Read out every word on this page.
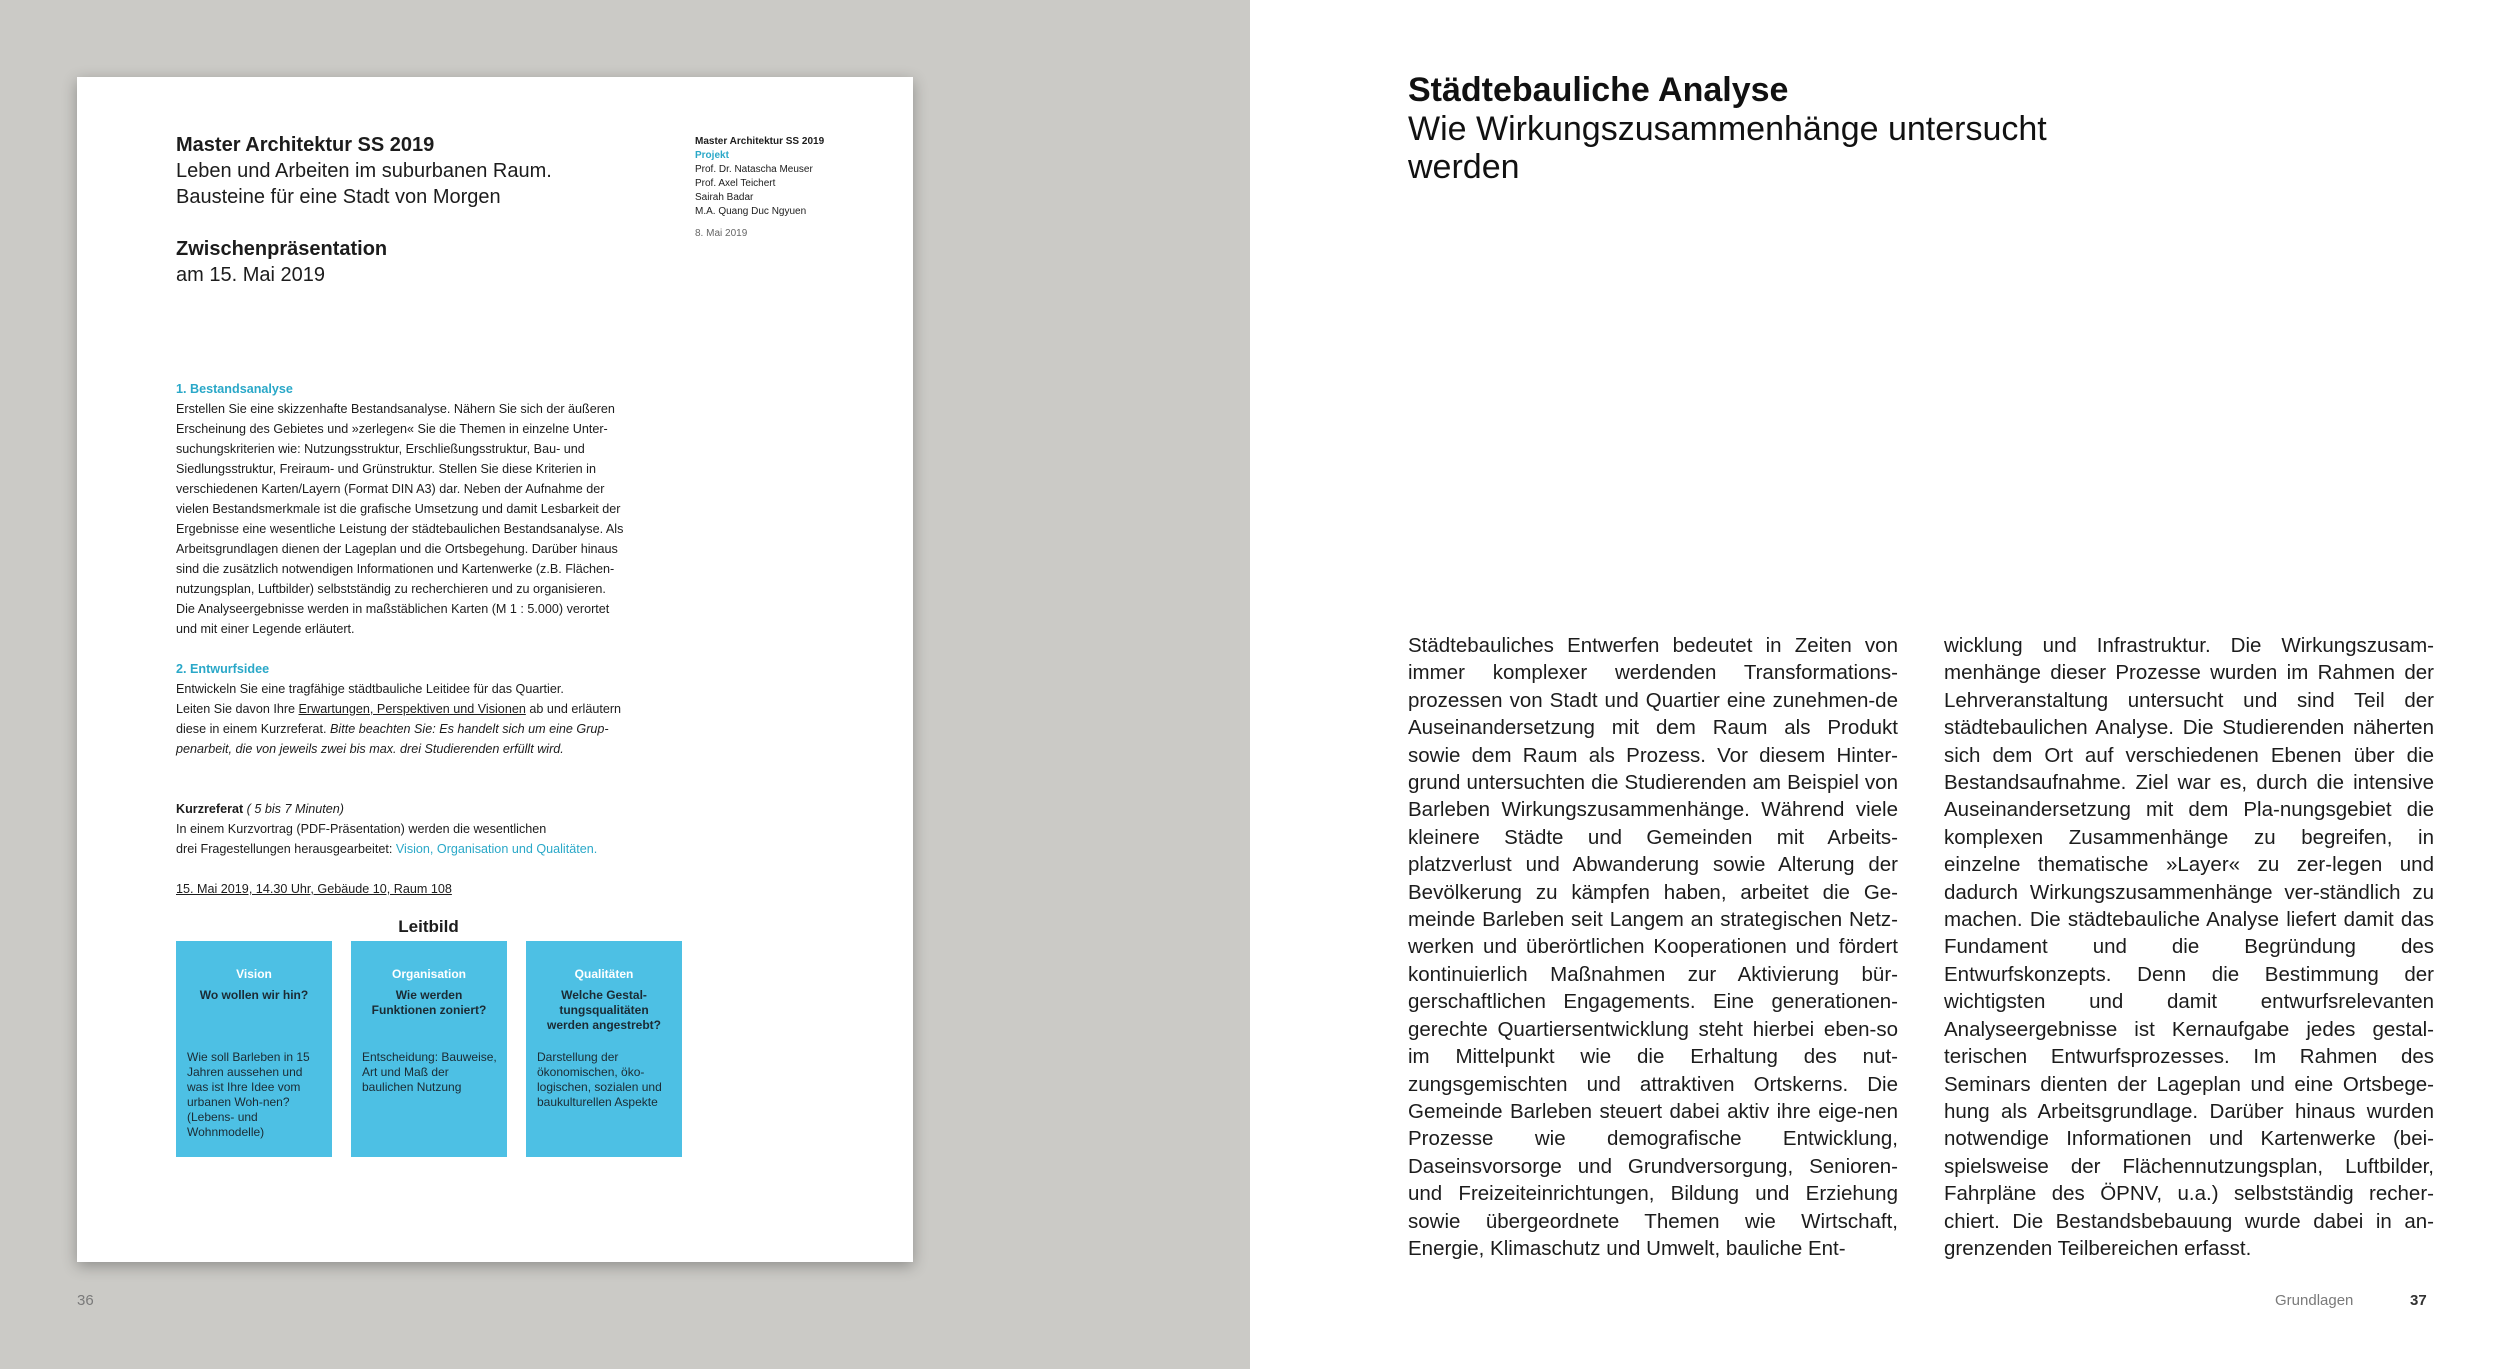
Master Architektur SS 2019
Leben und Arbeiten im suburbanen Raum.
Bausteine für eine Stadt von Morgen
Zwischenpräsentation
am 15. Mai 2019
Master Architektur SS 2019
Projekt
Prof. Dr. Natascha Meuser
Prof. Axel Teichert
Sairah Badar
M.A. Quang Duc Ngyuen
8. Mai 2019
1. Bestandsanalyse
Erstellen Sie eine skizzenhafte Bestandsanalyse. Nähern Sie sich der äußeren
Erscheinung des Gebietes und »zerlegen« Sie die Themen in einzelne Unter-
suchungskriterien wie: Nutzungsstruktur, Erschließungsstruktur, Bau- und
Siedlungsstruktur, Freiraum- und Grünstruktur. Stellen Sie diese Kriterien in
verschiedenen Karten/Layern (Format DIN A3) dar. Neben der Aufnahme der
vielen Bestandsmerkmale ist die grafische Umsetzung und damit Lesbarkeit der
Ergebnisse eine wesentliche Leistung der städtebaulichen Bestandsanalyse. Als
Arbeitsgrundlagen dienen der Lageplan und die Ortsbegehung. Darüber hinaus
sind die zusätzlich notwendigen Informationen und Kartenwerke (z.B. Flächen-
nutzungsplan, Luftbilder) selbstständig zu recherchieren und zu organisieren.
Die Analyseergebnisse werden in maßstäblichen Karten (M 1 : 5.000) verortet
und mit einer Legende erläutert.
2. Entwurfsidee
Entwickeln Sie eine tragfähige städtbauliche Leitidee für das Quartier.
Leiten Sie davon Ihre Erwartungen, Perspektiven und Visionen ab und erläutern
diese in einem Kurzreferat. Bitte beachten Sie: Es handelt sich um eine Grup-
penarbeit, die von jeweils zwei bis max. drei Studierenden erfüllt wird.
Kurzreferat ( 5 bis 7 Minuten)
In einem Kurzvortrag (PDF-Präsentation) werden die wesentlichen
drei Fragestellungen herausgearbeitet: Vision, Organisation und Qualitäten.
15. Mai 2019, 14.30 Uhr, Gebäude 10, Raum 108
Leitbild
Vision
Wo wollen wir hin?
Wie soll Barleben in 15 Jahren aussehen und was ist Ihre Idee vom urbanen Woh-nen? (Lebens- und Wohnmodelle)
Organisation
Wie werden Funktionen zoniert?
Entscheidung: Bauweise, Art und Maß der baulichen Nutzung
Qualitäten
Welche Gestal-tungsqualitäten werden angestrebt?
Darstellung der ökonomischen, öko-logischen, sozialen und baukulturellen Aspekte
36
Städtebauliche Analyse
Wie Wirkungszusammenhänge untersucht werden
Städtebauliches Entwerfen bedeutet in Zeiten von immer komplexer werdenden Transformations-prozessen von Stadt und Quartier eine zunehmen-de Auseinandersetzung mit dem Raum als Produkt sowie dem Raum als Prozess. Vor diesem Hinter-grund untersuchten die Studierenden am Beispiel von Barleben Wirkungszusammenhänge. Während viele kleinere Städte und Gemeinden mit Arbeits-platzverlust und Abwanderung sowie Alterung der Bevölkerung zu kämpfen haben, arbeitet die Ge-meinde Barleben seit Langem an strategischen Netz-werken und überörtlichen Kooperationen und fördert kontinuierlich Maßnahmen zur Aktivierung bür-gerschaftlichen Engagements. Eine generationen-gerechte Quartiersentwicklung steht hierbei eben-so im Mittelpunkt wie die Erhaltung des nut-zungsgemischten und attraktiven Ortskerns. Die Gemeinde Barleben steuert dabei aktiv ihre eige-nen Prozesse wie demografische Entwicklung, Daseinsvorsorge und Grundversorgung, Senioren- und Freizeiteinrichtungen, Bildung und Erziehung sowie übergeordnete Themen wie Wirtschaft, Energie, Klimaschutz und Umwelt, bauliche Ent-
wicklung und Infrastruktur. Die Wirkungszusam-menhänge dieser Prozesse wurden im Rahmen der Lehrveranstaltung untersucht und sind Teil der städtebaulichen Analyse. Die Studierenden näherten sich dem Ort auf verschiedenen Ebenen über die Bestandsaufnahme. Ziel war es, durch die intensive Auseinandersetzung mit dem Pla-nungsgebiet die komplexen Zusammenhänge zu begreifen, in einzelne thematische »Layer« zu zer-legen und dadurch Wirkungszusammenhänge ver-ständlich zu machen. Die städtebauliche Analyse liefert damit das Fundament und die Begründung des Entwurfskonzepts. Denn die Bestimmung der wichtigsten und damit entwurfsrelevanten Analyseergebnisse ist Kernaufgabe jedes gestal-terischen Entwurfsprozesses. Im Rahmen des Seminars dienten der Lageplan und eine Ortsbege-hung als Arbeitsgrundlage. Darüber hinaus wurden notwendige Informationen und Kartenwerke (bei-spielsweise der Flächennutzungsplan, Luftbilder, Fahrpläne des ÖPNV, u.a.) selbstständig recher-chiert. Die Bestandsbebauung wurde dabei in an-grenzenden Teilbereichen erfasst.
Grundlagen	37
